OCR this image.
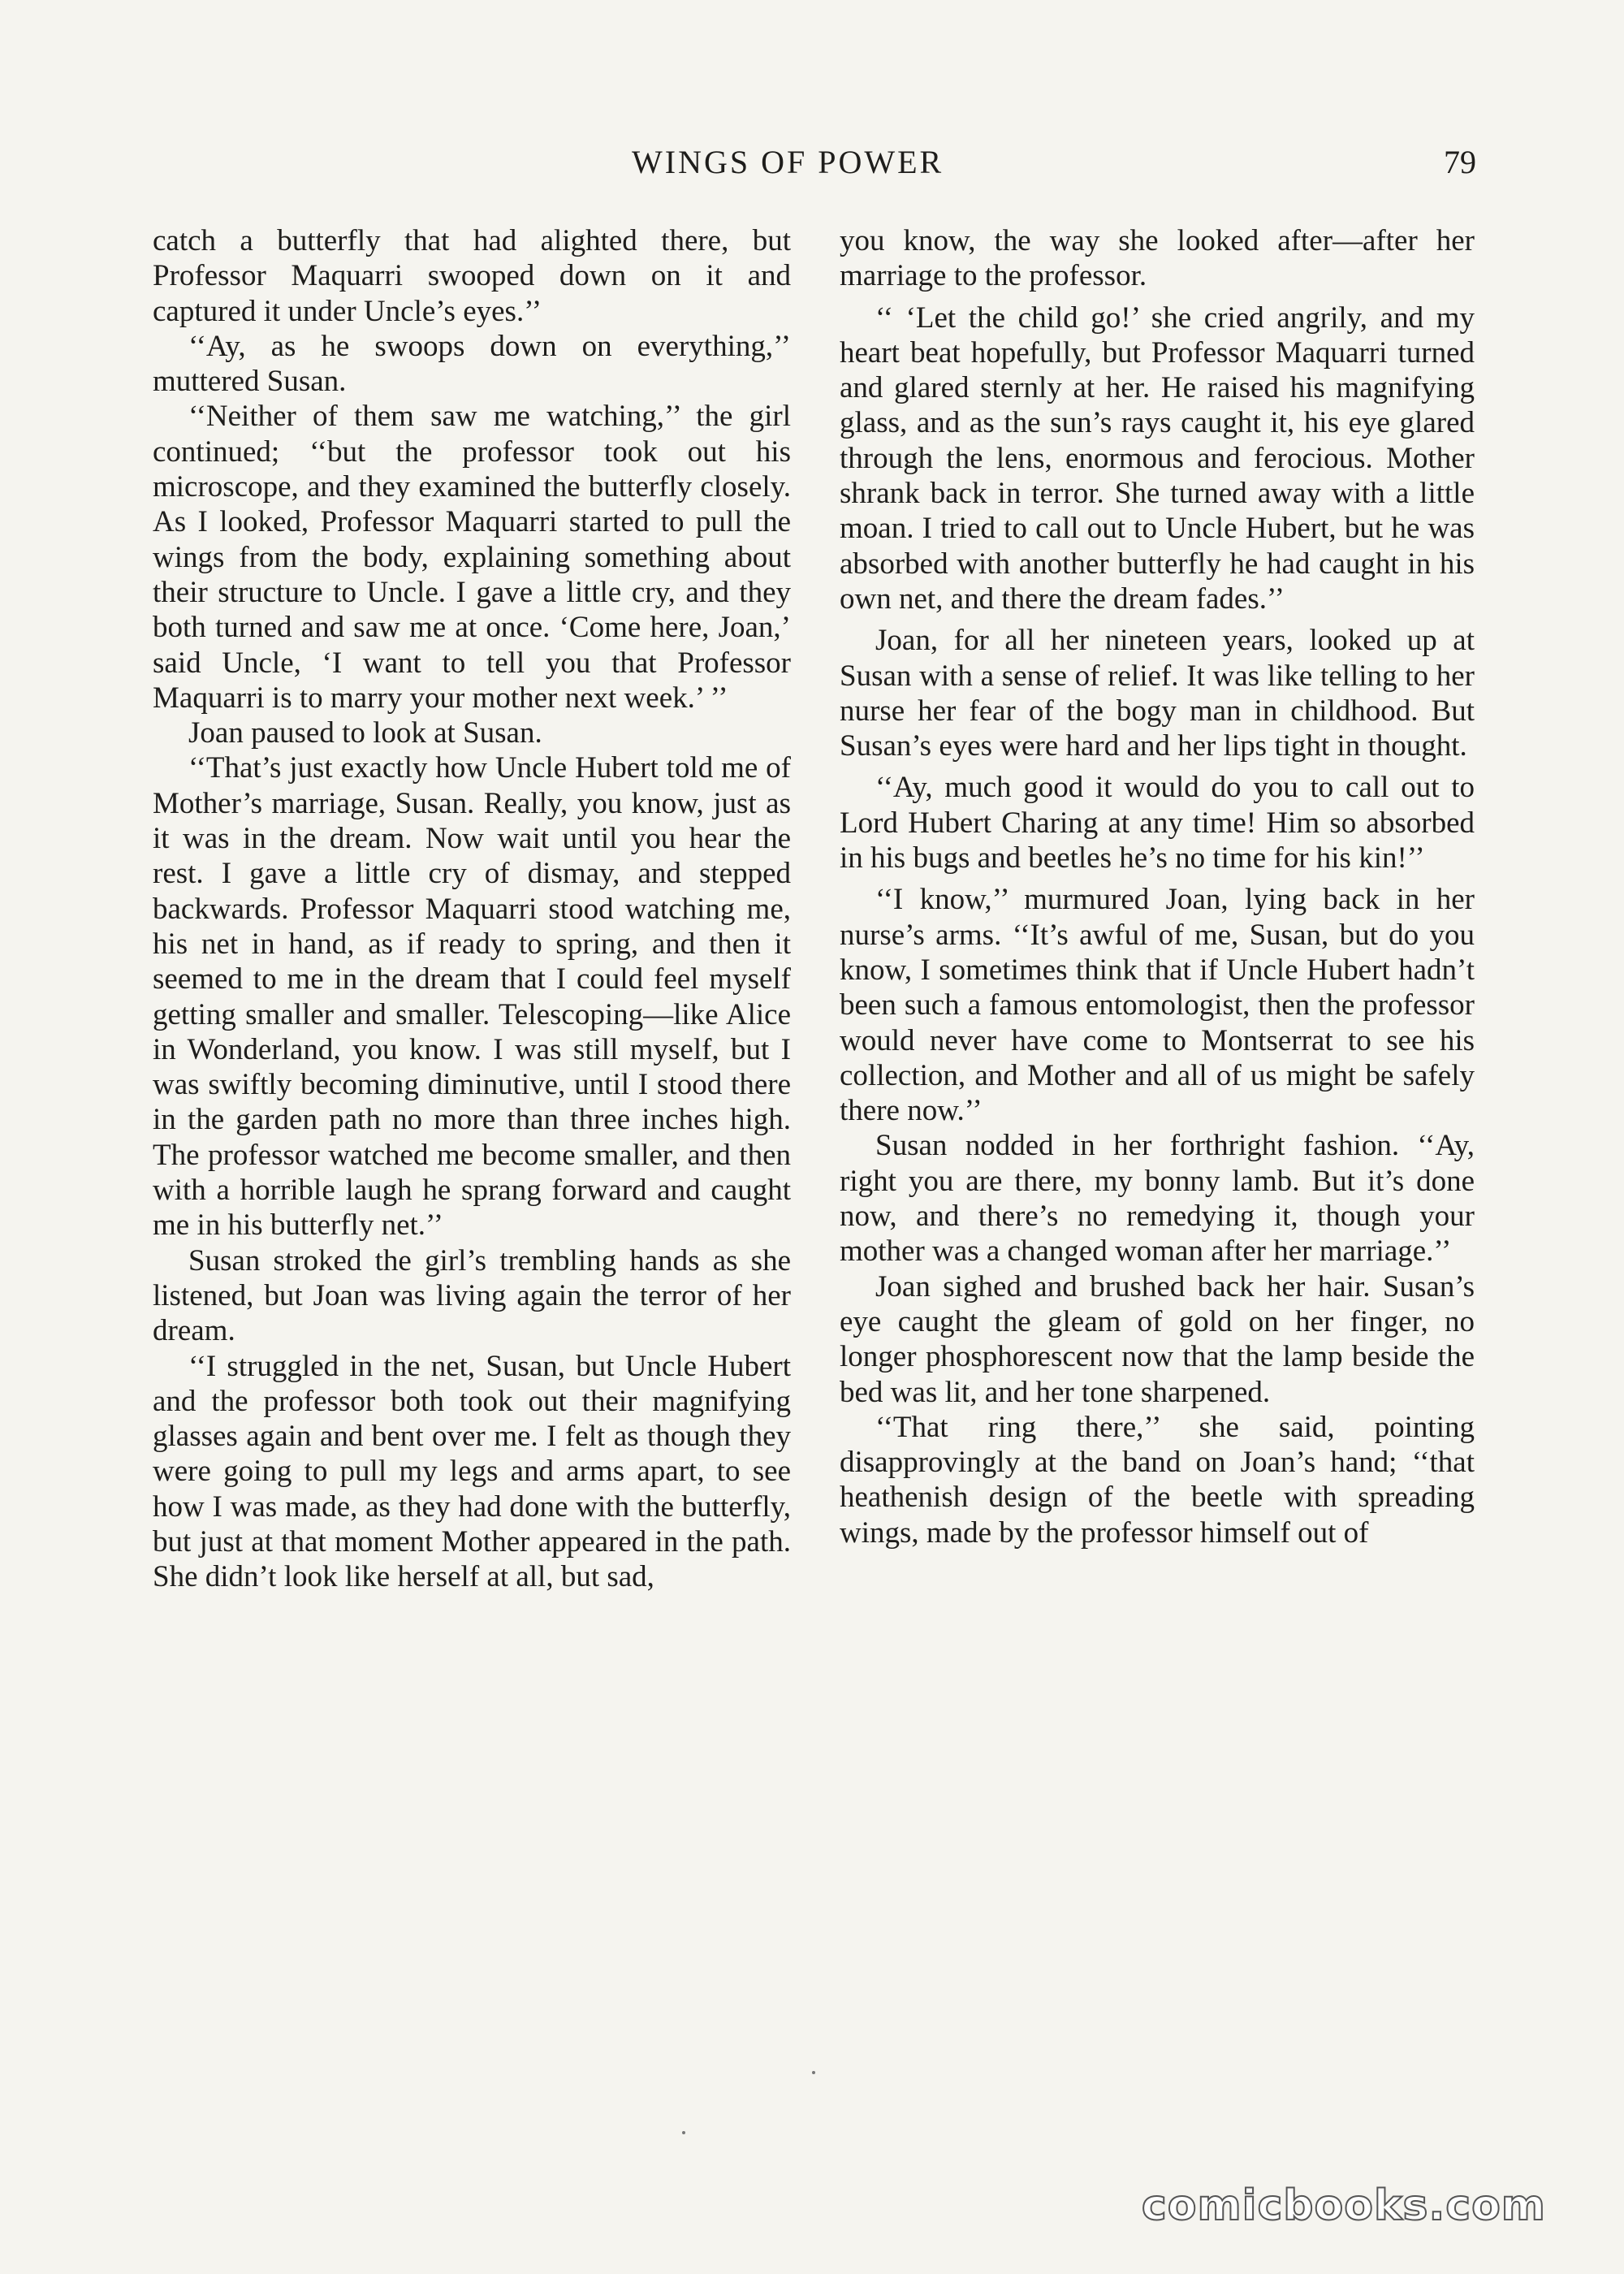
WINGS OF POWER	79

catch a butterfly that had alighted there, but Professor Maquarri swooped down on it and captured it under Uncle’s eyes.’’

‘‘Ay, as he swoops down on everything,’’ muttered Susan.

‘‘Neither of them saw me watching,’’ the girl continued; ‘‘but the professor took out his microscope, and they examined the butterfly closely. As I looked, Professor Maquarri started to pull the wings from the body, explaining something about their structure to Uncle. I gave a little cry, and they both turned and saw me at once. ‘Come here, Joan,’ said Uncle, ‘I want to tell you that Professor Maquarri is to marry your mother next week.’ ’’

Joan paused to look at Susan.

‘‘That’s just exactly how Uncle Hubert told me of Mother’s marriage, Susan. Really, you know, just as it was in the dream. Now wait until you hear the rest. I gave a little cry of dismay, and stepped backwards. Professor Maquarri stood watching me, his net in hand, as if ready to spring, and then it seemed to me in the dream that I could feel myself getting smaller and smaller. Telescoping—like Alice in Wonderland, you know. I was still myself, but I was swiftly becoming diminutive, until I stood there in the garden path no more than three inches high. The professor watched me become smaller, and then with a horrible laugh he sprang forward and caught me in his butterfly net.’’

Susan stroked the girl’s trembling hands as she listened, but Joan was living again the terror of her dream.

‘‘I struggled in the net, Susan, but Uncle Hubert and the professor both took out their magnifying glasses again and bent over me. I felt as though they were going to pull my legs and arms apart, to see how I was made, as they had done with the butterfly, but just at that moment Mother appeared in the path. She didn’t look like herself at all, but sad,

you know, the way she looked after—after her marriage to the professor.

‘‘ ‘Let the child go!’ she cried angrily, and my heart beat hopefully, but Professor Maquarri turned and glared sternly at her. He raised his magnifying glass, and as the sun’s rays caught it, his eye glared through the lens, enormous and ferocious. Mother shrank back in terror. She turned away with a little moan. I tried to call out to Uncle Hubert, but he was absorbed with another butterfly he had caught in his own net, and there the dream fades.’’

Joan, for all her nineteen years, looked up at Susan with a sense of relief. It was like telling to her nurse her fear of the bogy man in childhood. But Susan’s eyes were hard and her lips tight in thought.

‘‘Ay, much good it would do you to call out to Lord Hubert Charing at any time! Him so absorbed in his bugs and beetles he’s no time for his kin!’’

‘‘I know,’’ murmured Joan, lying back in her nurse’s arms. ‘‘It’s awful of me, Susan, but do you know, I sometimes think that if Uncle Hubert hadn’t been such a famous entomologist, then the professor would never have come to Montserrat to see his collection, and Mother and all of us might be safely there now.’’

Susan nodded in her forthright fashion. ‘‘Ay, right you are there, my bonny lamb. But it’s done now, and there’s no remedying it, though your mother was a changed woman after her marriage.’’

Joan sighed and brushed back her hair. Susan’s eye caught the gleam of gold on her finger, no longer phosphorescent now that the lamp beside the bed was lit, and her tone sharpened.

‘‘That ring there,’’ she said, pointing disapprovingly at the band on Joan’s hand; ‘‘that heathenish design of the beetle with spreading wings, made by the professor himself out of

comicbooks.com
